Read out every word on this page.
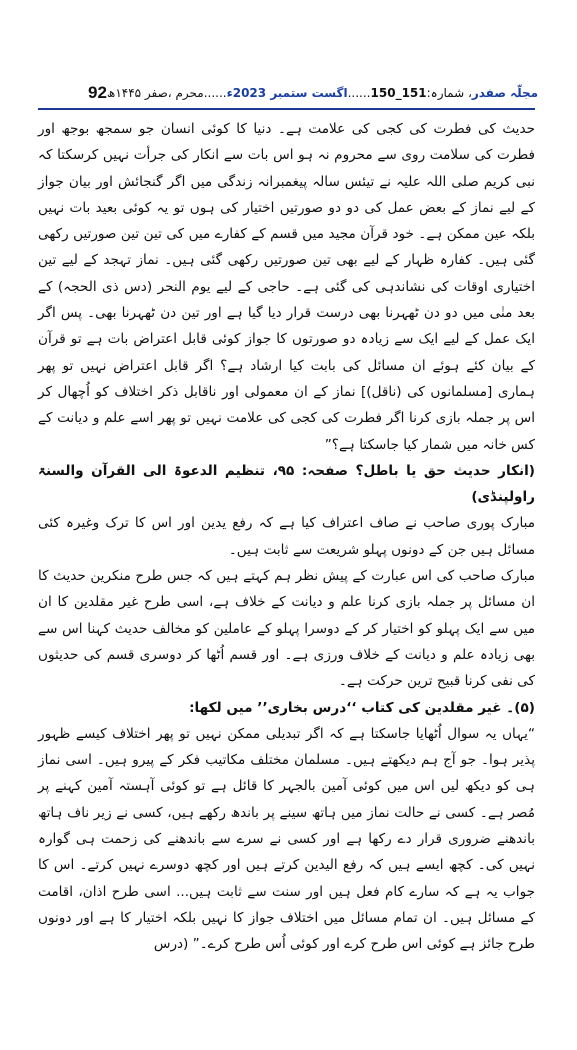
92	مجلّہ صفدر، شمارہ:151_150......اگست ستمبر 2023ء......محرم ،صفر ۱۴۴۵ھ

حدیث کی فطرت کی کجی کی علامت ہے۔ دنیا کا کوئی انسان جو سمجھ بوجھ اور فطرت کی سلامت روی سے محروم نہ ہو اس بات سے انکار کی جرأت نہیں کرسکتا کہ نبی کریم صلی اللہ علیہ نے تیئس سالہ پیغمبرانہ زندگی میں اگر گنجائش اور بیان جواز کے لیے نماز کے بعض عمل کی دو دو صورتیں اختیار کی ہوں تو یہ کوئی بعید بات نہیں بلکہ عین ممکن ہے۔ خود قرآن مجید میں قسم کے کفارے میں کی تین تین صورتیں رکھی گئی ہیں۔ کفارہ ظہار کے لیے بھی تین صورتیں رکھی گئی ہیں۔ نماز تہجد کے لیے تین اختیاری اوقات کی نشاندہی کی گئی ہے۔ حاجی کے لیے یوم النحر (دس ذی الحجہ) کے بعد منٰی میں دو دن ٹھہرنا بھی درست قرار دیا گیا ہے اور تین دن ٹھہرنا بھی۔ پس اگر ایک عمل کے لیے ایک سے زیادہ دو صورتوں کا جواز کوئی قابل اعتراض بات ہے تو قرآن کے بیان کئے ہوئے ان مسائل کی بابت کیا ارشاد ہے؟ اگر قابل اعتراض نہیں تو پھر ہماری [مسلمانوں کی (ناقل)] نماز کے ان معمولی اور ناقابل ذکر اختلاف کو اُچھال کر اس پر جملہ بازی کرنا اگر فطرت کی کجی کی علامت نہیں تو پھر اسے علم و دیانت کے کس خانہ میں شمار کیا جاسکتا ہے؟”

(انکار حدیث حق یا باطل؟ صفحہ: ۹۵، تنظیم الدعوۃ الی القرآن والسنۃ راولپنڈی)

مبارک پوری صاحب نے صاف اعتراف کیا ہے کہ رفع یدین اور اس کا ترک وغیرہ کئی مسائل ہیں جن کے دونوں پہلو شریعت سے ثابت ہیں۔

مبارک صاحب کی اس عبارت کے پیش نظر ہم کہتے ہیں کہ جس طرح منکرین حدیث کا ان مسائل پر جملہ بازی کرنا علم و دیانت کے خلاف ہے، اسی طرح غیر مقلدین کا ان میں سے ایک پہلو کو اختیار کر کے دوسرا پہلو کے عاملین کو مخالف حدیث کہنا اس سے بھی زیادہ علم و دیانت کے خلاف ورزی ہے۔ اور قسم اُٹھا کر دوسری قسم کی حدیثوں کی نفی کرنا قبیح ترین حرکت ہے۔

(۵)۔ غیر مقلدین کی کتاب ‘‘درس بخاری’’ میں لکھا:

“یہاں یہ سوال اُٹھایا جاسکتا ہے کہ اگر تبدیلی ممکن نہیں تو پھر اختلاف کیسے ظہور پذیر ہوا۔ جو آج ہم دیکھتے ہیں۔ مسلمان مختلف مکاتیب فکر کے پیرو ہیں۔ اسی نماز ہی کو دیکھ لیں اس میں کوئی آمین بالجہر کا قائل ہے تو کوئی آہستہ آمین کہنے پر مُصر ہے۔ کسی نے حالت نماز میں ہاتھ سینے پر باندھ رکھے ہیں، کسی نے زیر ناف ہاتھ باندھنے ضروری قرار دے رکھا ہے اور کسی نے سرے سے باندھنے کی زحمت ہی گوارہ نہیں کی۔ کچھ ایسے ہیں کہ رفع الیدین کرتے ہیں اور کچھ دوسرے نہیں کرتے۔ اس کا جواب یہ ہے کہ سارے کام فعل ہیں اور سنت سے ثابت ہیں... اسی طرح اذان، اقامت کے مسائل ہیں۔ ان تمام مسائل میں اختلاف جواز کا نہیں بلکہ اختیار کا ہے اور دونوں طرح جائز ہے کوئی اس طرح کرے اور کوئی اُس طرح کرے۔” (درس
